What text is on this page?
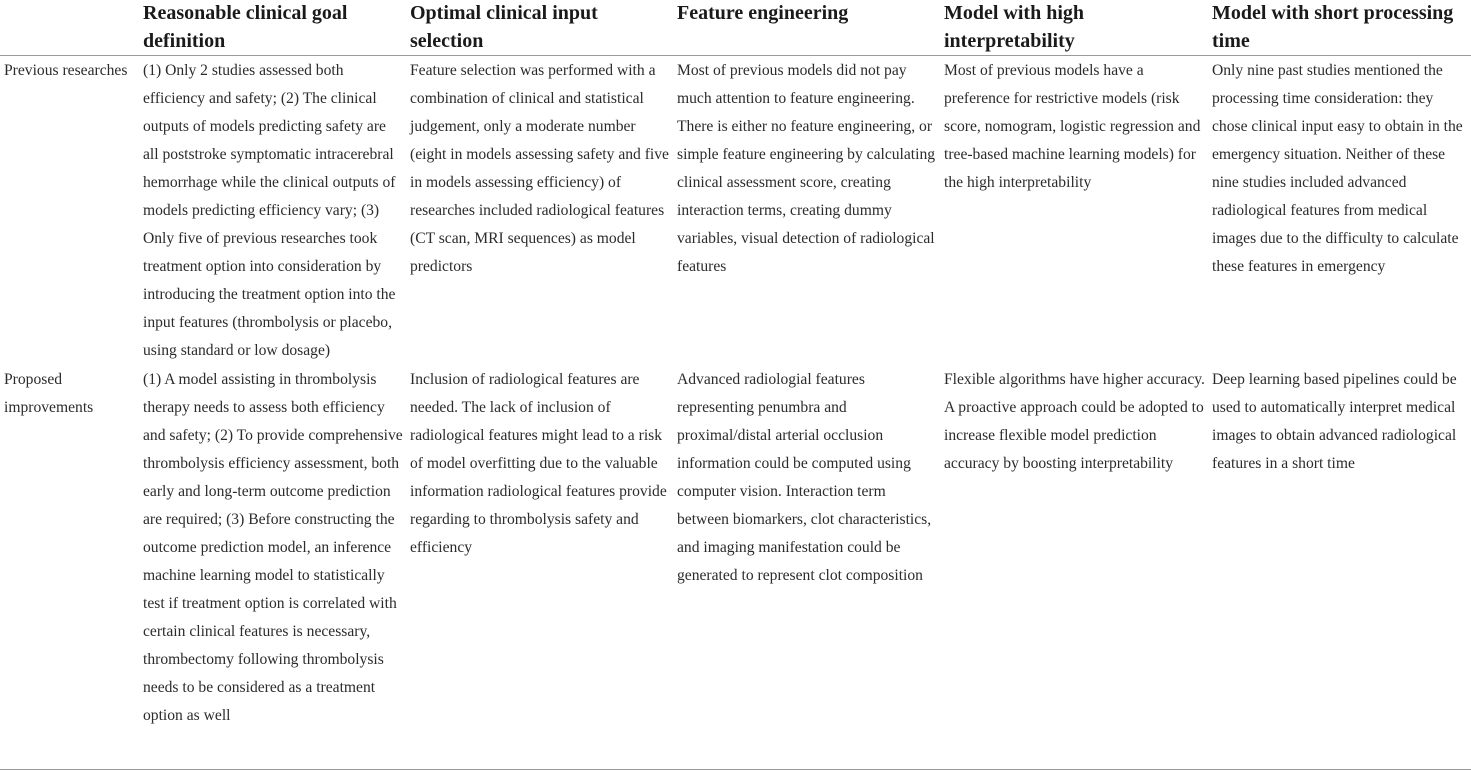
Reasonable clinical goal definition
Optimal clinical input selection
Feature engineering	Model with high interpretability
Model with short processing time
Previous researches (1) Only 2 studies assessed both efficiency and safety; (2) The clinical outputs of models predicting safety are all poststroke symptomatic intracerebral hemorrhage while the clinical outputs of models predicting efficiency vary; (3) Only five of previous researches took treatment option into consideration by introducing the treatment option into the input features (thrombolysis or placebo, using standard or low dosage)
Feature selection was performed with a combination of clinical and statistical judgement, only a moderate number (eight in models assessing safety and five in models assessing efficiency) of researches included radiological features (CT scan, MRI sequences) as model predictors
Most of previous models did not pay much attention to feature engineering. There is either no feature engineering, or simple feature engineering by calculating clinical assessment score, creating interaction terms, creating dummy variables, visual detection of radiological features
Most of previous models have a preference for restrictive models (risk score, nomogram, logistic regression and tree-based machine learning models) for the high interpretability
Only nine past studies mentioned the processing time consideration: they chose clinical input easy to obtain in the emergency situation. Neither of these nine studies included advanced radiological features from medical images due to the difficulty to calculate these features in emergency
Proposed improvements
(1) A model assisting in thrombolysis therapy needs to assess both efficiency and safety; (2) To provide comprehensive thrombolysis efficiency assessment, both early and long-term outcome prediction are required; (3) Before constructing the outcome prediction model, an inference machine learning model to statistically test if treatment option is correlated with certain clinical features is necessary, thrombectomy following thrombolysis needs to be considered as a treatment option as well
Inclusion of radiological features are needed. The lack of inclusion of radiological features might lead to a risk of model overfitting due to the valuable information radiological features provide regarding to thrombolysis safety and efficiency
Advanced radiologial features representing penumbra and proximal/distal arterial occlusion information could be computed using computer vision. Interaction term between biomarkers, clot characteristics, and imaging manifestation could be generated to represent clot composition
Flexible algorithms have higher accuracy. A proactive approach could be adopted to increase flexible model prediction accuracy by boosting interpretability
Deep learning based pipelines could be used to automatically interpret medical images to obtain advanced radiological features in a short time
